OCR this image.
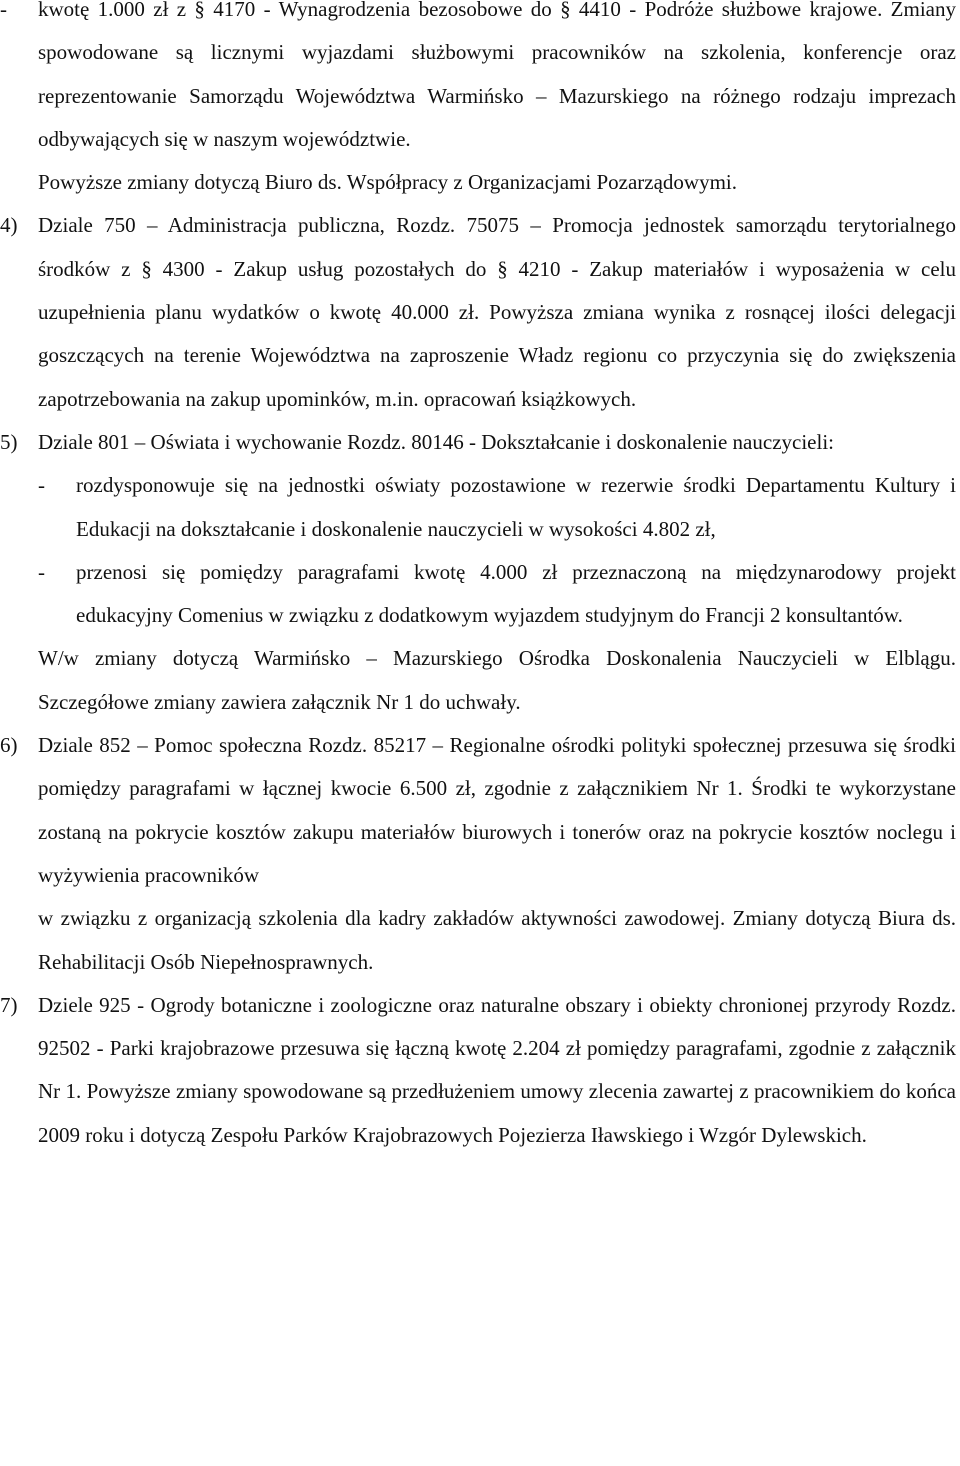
-	kwotę 1.000 zł z § 4170 - Wynagrodzenia bezosobowe do § 4410 - Podróże służbowe krajowe. Zmiany spowodowane są licznymi wyjazdami służbowymi pracowników na szkolenia, konferencje oraz reprezentowanie Samorządu Województwa Warmińsko – Mazurskiego na różnego rodzaju imprezach odbywających się w naszym województwie.
Powyższe zmiany dotyczą Biuro ds. Współpracy z Organizacjami Pozarządowymi.
4) Dziale 750 – Administracja publiczna, Rozdz. 75075 – Promocja jednostek samorządu terytorialnego środków z § 4300 - Zakup usług pozostałych do § 4210 - Zakup materiałów i wyposażenia w celu uzupełnienia planu wydatków o kwotę 40.000 zł. Powyższa zmiana wynika z rosnącej ilości delegacji goszczących na terenie Województwa na zaproszenie Władz regionu co przyczynia się do zwiększenia zapotrzebowania na zakup upominków, m.in. opracowań książkowych.
5) Dziale 801 – Oświata i wychowanie Rozdz. 80146 - Dokształcanie i doskonalenie nauczycieli:
-	rozdysponowuje się na jednostki oświaty pozostawione w rezerwie środki Departamentu Kultury i Edukacji na dokształcanie i doskonalenie nauczycieli w wysokości 4.802 zł,
-	przenosi się pomiędzy paragrafami kwotę 4.000 zł przeznaczoną na międzynarodowy projekt edukacyjny Comenius w związku z dodatkowym wyjazdem studyjnym do Francji 2 konsultantów.
W/w zmiany dotyczą Warmińsko – Mazurskiego Ośrodka Doskonalenia Nauczycieli w Elblągu. Szczegółowe zmiany zawiera załącznik Nr 1 do uchwały.
6) Dziale 852 – Pomoc społeczna Rozdz. 85217 – Regionalne ośrodki polityki społecznej przesuwa się środki pomiędzy paragrafami w łącznej kwocie 6.500 zł, zgodnie z załącznikiem Nr 1. Środki te wykorzystane zostaną na pokrycie kosztów zakupu materiałów biurowych i tonerów oraz na pokrycie kosztów noclegu i wyżywienia pracowników
w związku z organizacją szkolenia dla kadry zakładów aktywności zawodowej. Zmiany dotyczą Biura ds. Rehabilitacji Osób Niepełnosprawnych.
7) Dziele 925 - Ogrody botaniczne i zoologiczne oraz naturalne obszary i obiekty chronionej przyrody Rozdz. 92502 - Parki krajobrazowe przesuwa się łączną kwotę 2.204 zł pomiędzy paragrafami, zgodnie z załącznik Nr 1. Powyższe zmiany spowodowane są przedłużeniem umowy zlecenia zawartej z pracownikiem do końca 2009 roku i dotyczą Zespołu Parków Krajobrazowych Pojezierza Iławskiego i Wzgór Dylewskich.
